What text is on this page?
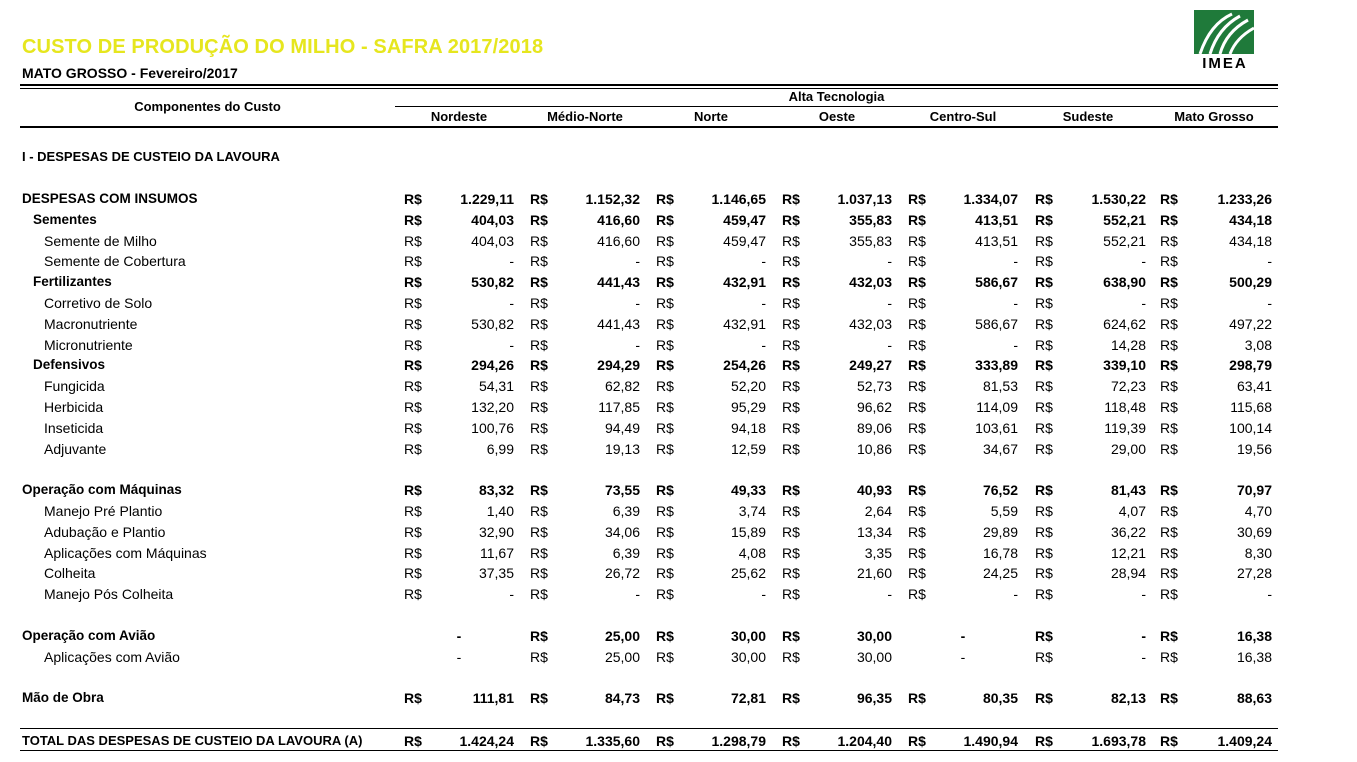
CUSTO DE PRODUÇÃO DO MILHO - SAFRA 2017/2018
MATO GROSSO - Fevereiro/2017
IMEA
Componentes do Custo
Alta Tecnologia
Nordeste	Médio-Norte	Norte	Oeste	Centro-Sul	Sudeste	Mato Grosso
I - DESPESAS DE CUSTEIO DA LAVOURA
DESPESAS COM INSUMOS	R$	1.229,11 R$	1.152,32 R$	1.146,65 R$	1.037,13 R$	1.334,07 R$	1.530,22 R$	1.233,26
Sementes	R$	404,03 R$	416,60 R$	459,47 R$	355,83 R$	413,51 R$	552,21 R$	434,18
Semente de Milho	R$	404,03 R$	416,60 R$	459,47 R$	355,83 R$	413,51 R$	552,21 R$	434,18
Semente de Cobertura	R$	- R$	- R$	- R$	- R$	- R$	- R$	-
Fertilizantes	R$	530,82 R$	441,43 R$	432,91 R$	432,03 R$	586,67 R$	638,90 R$	500,29
Corretivo de Solo	R$	- R$	- R$	- R$	- R$	- R$	- R$	-
Macronutriente	R$	530,82 R$	441,43 R$	432,91 R$	432,03 R$	586,67 R$	624,62 R$	497,22
Micronutriente	R$	- R$	- R$	- R$	- R$	- R$	14,28 R$	3,08
Defensivos	R$	294,26 R$	294,29 R$	254,26 R$	249,27 R$	333,89 R$	339,10 R$	298,79
Fungicida	R$	54,31 R$	62,82 R$	52,20 R$	52,73 R$	81,53 R$	72,23 R$	63,41
Herbicida	R$	132,20 R$	117,85 R$	95,29 R$	96,62 R$	114,09 R$	118,48 R$	115,68
Inseticida	R$	100,76 R$	94,49 R$	94,18 R$	89,06 R$	103,61 R$	119,39 R$	100,14
Adjuvante	R$	6,99 R$	19,13 R$	12,59 R$	10,86 R$	34,67 R$	29,00 R$	19,56
Operação com Máquinas	R$	83,32 R$	73,55 R$	49,33 R$	40,93 R$	76,52 R$	81,43 R$	70,97
Manejo Pré Plantio	R$	1,40 R$	6,39 R$	3,74 R$	2,64 R$	5,59 R$	4,07 R$	4,70
Adubação e Plantio	R$	32,90 R$	34,06 R$	15,89 R$	13,34 R$	29,89 R$	36,22 R$	30,69
Aplicações com Máquinas	R$	11,67 R$	6,39 R$	4,08 R$	3,35 R$	16,78 R$	12,21 R$	8,30
Colheita	R$	37,35 R$	26,72 R$	25,62 R$	21,60 R$	24,25 R$	28,94 R$	27,28
Manejo Pós Colheita	R$	- R$	- R$	- R$	- R$	- R$	- R$	-
Operação com Avião	-	R$	25,00 R$	30,00 R$	30,00	-	R$	- R$	16,38
Aplicações com Avião	-	R$	25,00 R$	30,00 R$	30,00	-	R$	- R$	16,38
Mão de Obra	R$	111,81 R$	84,73 R$	72,81 R$	96,35 R$	80,35 R$	82,13 R$	88,63
TOTAL DAS DESPESAS DE CUSTEIO DA LAVOURA (A)	R$	1.424,24 R$	1.335,60 R$	1.298,79 R$	1.204,40 R$	1.490,94 R$	1.693,78 R$	1.409,24
